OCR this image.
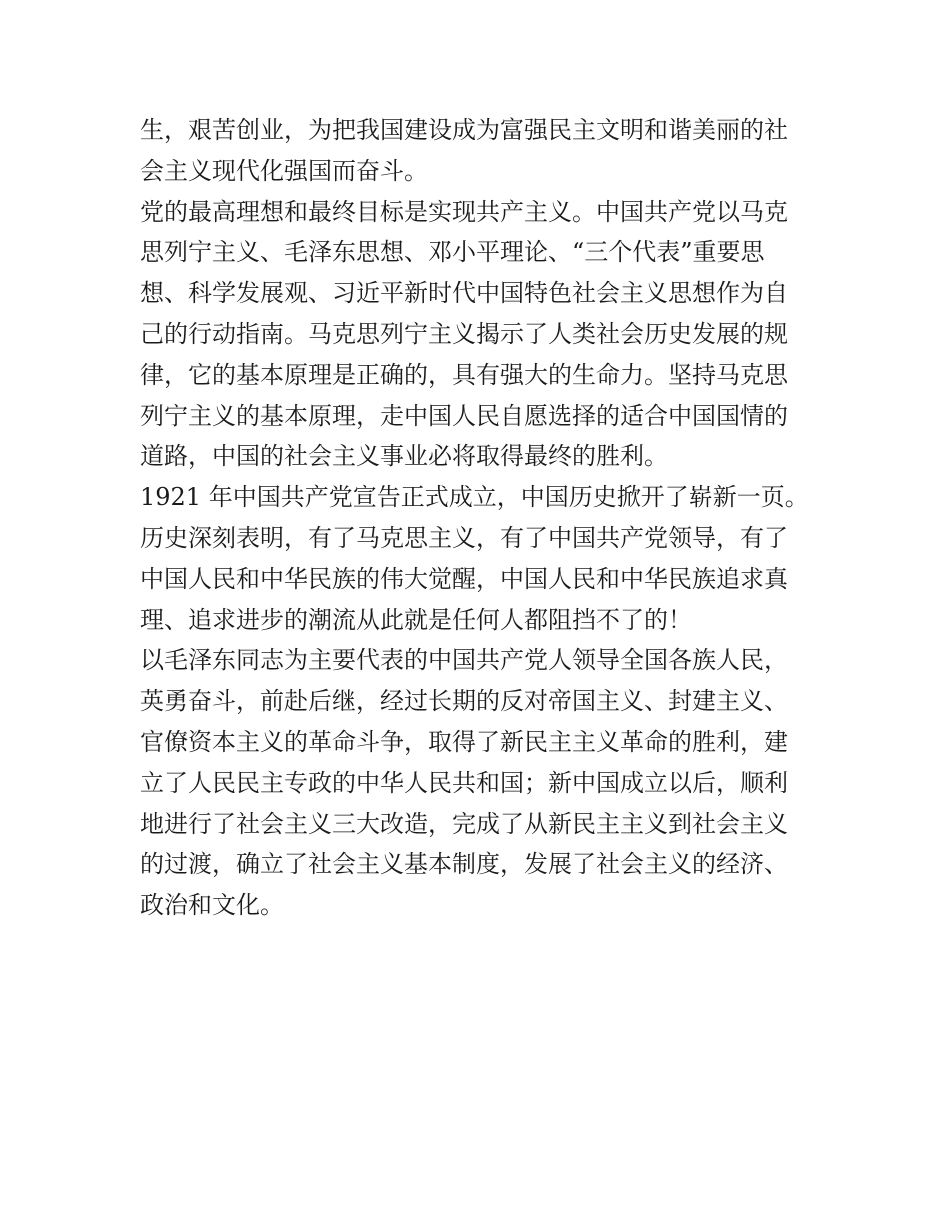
生，艰苦创业，为把我国建设成为富强民主文明和谐美丽的社
会主义现代化强国而奋斗。
党的最高理想和最终目标是实现共产主义。中国共产党以马克
思列宁主义、毛泽东思想、邓小平理论、“三个代表”重要思
想、科学发展观、习近平新时代中国特色社会主义思想作为自
己的行动指南。马克思列宁主义揭示了人类社会历史发展的规
律，它的基本原理是正确的，具有强大的生命力。坚持马克思
列宁主义的基本原理，走中国人民自愿选择的适合中国国情的
道路，中国的社会主义事业必将取得最终的胜利。
1921 年中国共产党宣告正式成立，中国历史掀开了崭新一页。
历史深刻表明，有了马克思主义，有了中国共产党领导，有了
中国人民和中华民族的伟大觉醒，中国人民和中华民族追求真
理、追求进步的潮流从此就是任何人都阻挡不了的！
以毛泽东同志为主要代表的中国共产党人领导全国各族人民，
英勇奋斗，前赴后继，经过长期的反对帝国主义、封建主义、
官僚资本主义的革命斗争，取得了新民主主义革命的胜利，建
立了人民民主专政的中华人民共和国；新中国成立以后，顺利
地进行了社会主义三大改造，完成了从新民主主义到社会主义
的过渡，确立了社会主义基本制度，发展了社会主义的经济、
政治和文化。
